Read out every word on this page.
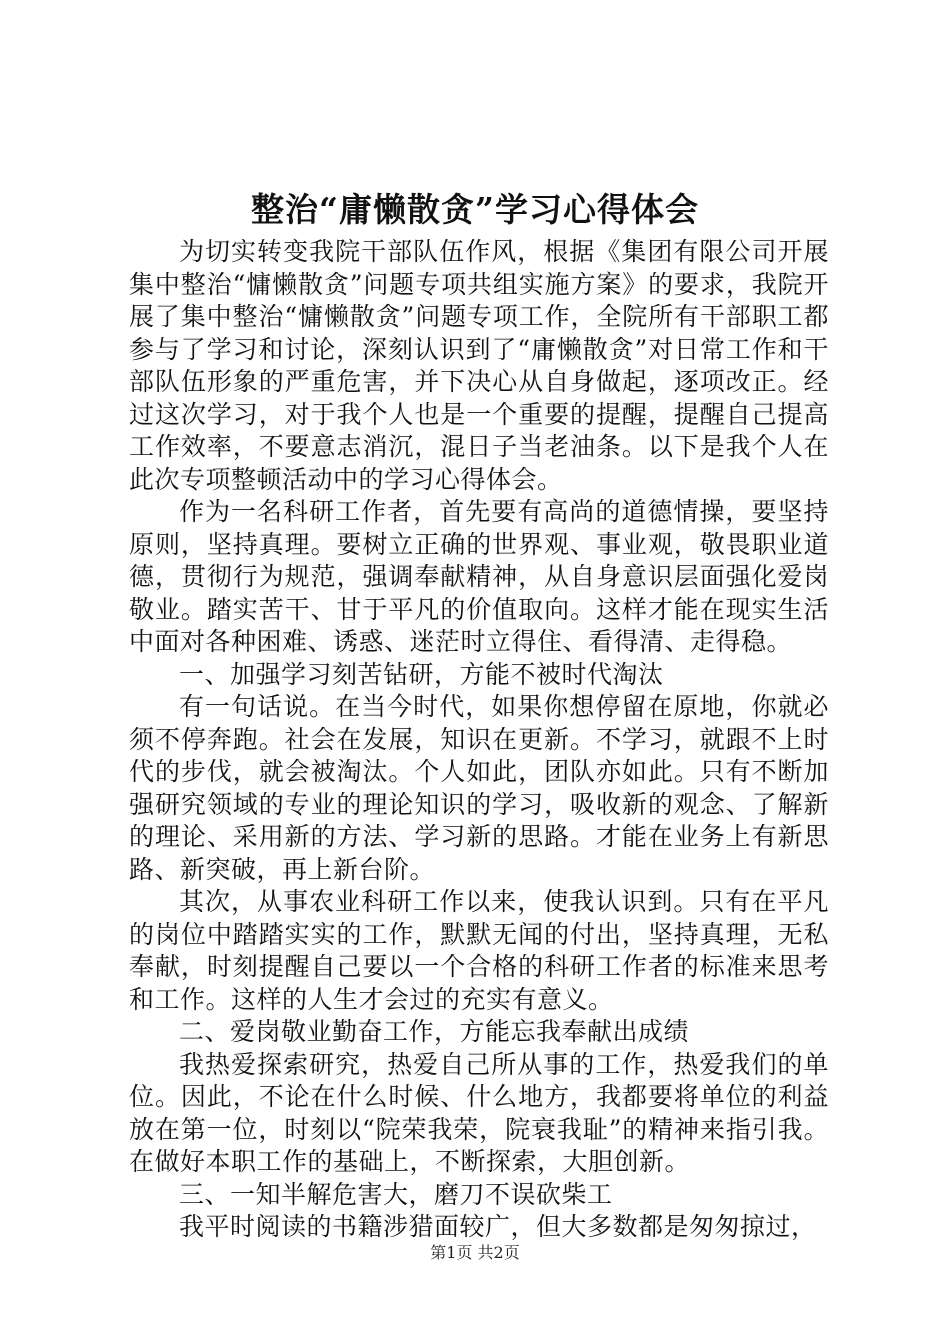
整治“庸懒散贪”学习心得体会

为切实转变我院干部队伍作风，根据《集团有限公司开展集中整治“慵懒散贪”问题专项共组实施方案》的要求，我院开展了集中整治“慵懒散贪”问题专项工作，全院所有干部职工都参与了学习和讨论，深刻认识到了“庸懒散贪”对日常工作和干部队伍形象的严重危害，并下决心从自身做起，逐项改正。经过这次学习，对于我个人也是一个重要的提醒，提醒自己提高工作效率，不要意志消沉，混日子当老油条。以下是我个人在此次专项整顿活动中的学习心得体会。

作为一名科研工作者，首先要有高尚的道德情操，要坚持原则，坚持真理。要树立正确的世界观、事业观，敬畏职业道德，贯彻行为规范，强调奉献精神，从自身意识层面强化爱岗敬业。踏实苦干、甘于平凡的价值取向。这样才能在现实生活中面对各种困难、诱惑、迷茫时立得住、看得清、走得稳。

一、加强学习刻苦钻研，方能不被时代淘汰

有一句话说。在当今时代，如果你想停留在原地，你就必须不停奔跑。社会在发展，知识在更新。不学习，就跟不上时代的步伐，就会被淘汰。个人如此，团队亦如此。只有不断加强研究领域的专业的理论知识的学习，吸收新的观念、了解新的理论、采用新的方法、学习新的思路。才能在业务上有新思路、新突破，再上新台阶。

其次，从事农业科研工作以来，使我认识到。只有在平凡的岗位中踏踏实实的工作，默默无闻的付出，坚持真理，无私奉献，时刻提醒自己要以一个合格的科研工作者的标准来思考和工作。这样的人生才会过的充实有意义。

二、爱岗敬业勤奋工作，方能忘我奉献出成绩

我热爱探索研究，热爱自己所从事的工作，热爱我们的单位。因此，不论在什么时候、什么地方，我都要将单位的利益放在第一位，时刻以“院荣我荣，院衰我耻”的精神来指引我。在做好本职工作的基础上，不断探索，大胆创新。

三、一知半解危害大，磨刀不误砍柴工

我平时阅读的书籍涉猎面较广，但大多数都是匆匆掠过，

第1页 共2页
